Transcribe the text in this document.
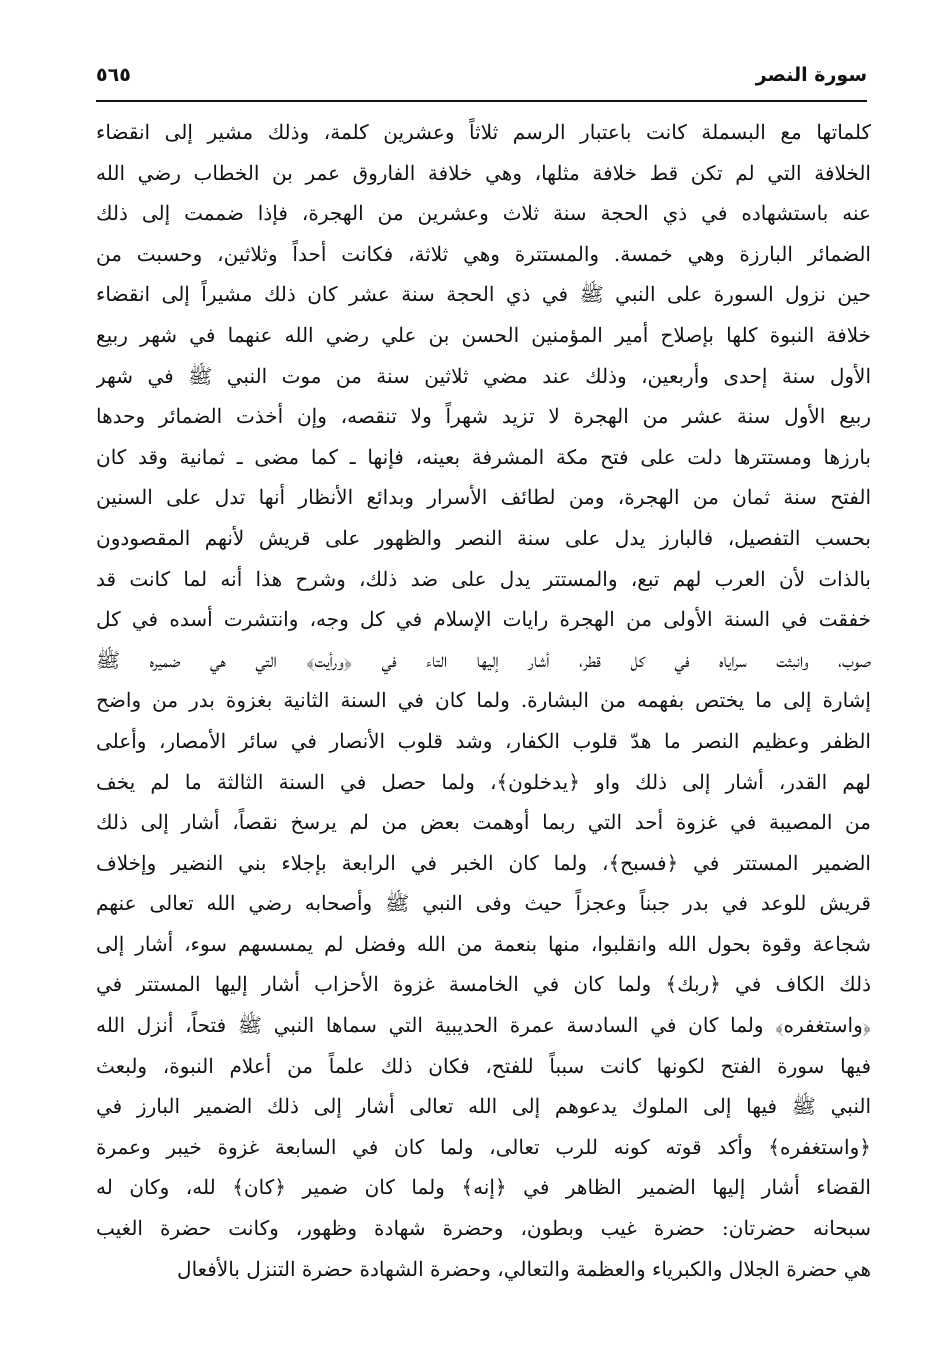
سورة النصر
٥٦٥
كلماتها مع البسملة كانت باعتبار الرسم ثلاثاً وعشرين كلمة، وذلك مشير إلى انقضاء
الخلافة التي لم تكن قط خلافة مثلها، وهي خلافة الفاروق عمر بن الخطاب رضي الله
عنه باستشهاده في ذي الحجة سنة ثلاث وعشرين من الهجرة، فإذا ضممت إلى ذلك
الضمائر البارزة وهي خمسة. والمستترة وهي ثلاثة، فكانت أحداً وثلاثين، وحسبت من
حين نزول السورة على النبي ﷺ في ذي الحجة سنة عشر كان ذلك مشيراً إلى انقضاء
خلافة النبوة كلها بإصلاح أمير المؤمنين الحسن بن علي رضي الله عنهما في شهر ربيع
الأول سنة إحدى وأربعين، وذلك عند مضي ثلاثين سنة من موت النبي ﷺ في شهر
ربيع الأول سنة عشر من الهجرة لا تزيد شهراً ولا تنقصه، وإن أخذت الضمائر وحدها
بارزها ومستترها دلت على فتح مكة المشرفة بعينه، فإنها ـ كما مضى ـ ثمانية وقد كان
الفتح سنة ثمان من الهجرة، ومن لطائف الأسرار وبدائع الأنظار أنها تدل على السنين
بحسب التفصيل، فالبارز يدل على سنة النصر والظهور على قريش لأنهم المقصودون
بالذات لأن العرب لهم تبع، والمستتر يدل على ضد ذلك، وشرح هذا أنه لما كانت قد
خفقت في السنة الأولى من الهجرة رايات الإسلام في كل وجه، وانتشرت أسده في كل
صوب، وانبثت سراياه في كل قطر، أشار إليها التاء في ﴿ورأيت﴾ التي هي ضميره ﷺ
إشارة إلى ما يختص بفهمه من البشارة. ولما كان في السنة الثانية بغزوة بدر من واضح
الظفر وعظيم النصر ما هدّ قلوب الكفار، وشد قلوب الأنصار في سائر الأمصار، وأعلى
لهم القدر، أشار إلى ذلك واو ﴿يدخلون﴾، ولما حصل في السنة الثالثة ما لم يخف
من المصيبة في غزوة أحد التي ربما أوهمت بعض من لم يرسخ نقصاً، أشار إلى ذلك
الضمير المستتر في ﴿فسبح﴾، ولما كان الخبر في الرابعة بإجلاء بني النضير وإخلاف
قريش للوعد في بدر جبناً وعجزاً حيث وفى النبي ﷺ وأصحابه رضي الله تعالى عنهم
شجاعة وقوة بحول الله وانقلبوا، منها بنعمة من الله وفضل لم يمسسهم سوء، أشار إلى
ذلك الكاف في ﴿ربك﴾ ولما كان في الخامسة غزوة الأحزاب أشار إليها المستتر في
﴿واستغفره﴾ ولما كان في السادسة عمرة الحديبية التي سماها النبي ﷺ فتحاً، أنزل الله
فيها سورة الفتح لكونها كانت سبباً للفتح، فكان ذلك علماً من أعلام النبوة، ولبعث
النبي ﷺ فيها إلى الملوك يدعوهم إلى الله تعالى أشار إلى ذلك الضمير البارز في
﴿واستغفره﴾ وأكد قوته كونه للرب تعالى، ولما كان في السابعة غزوة خيبر وعمرة
القضاء أشار إليها الضمير الظاهر في ﴿إنه﴾ ولما كان ضمير ﴿كان﴾ لله، وكان له
سبحانه حضرتان: حضرة غيب وبطون، وحضرة شهادة وظهور، وكانت حضرة الغيب
هي حضرة الجلال والكبرياء والعظمة والتعالي، وحضرة الشهادة حضرة التنزل بالأفعال
